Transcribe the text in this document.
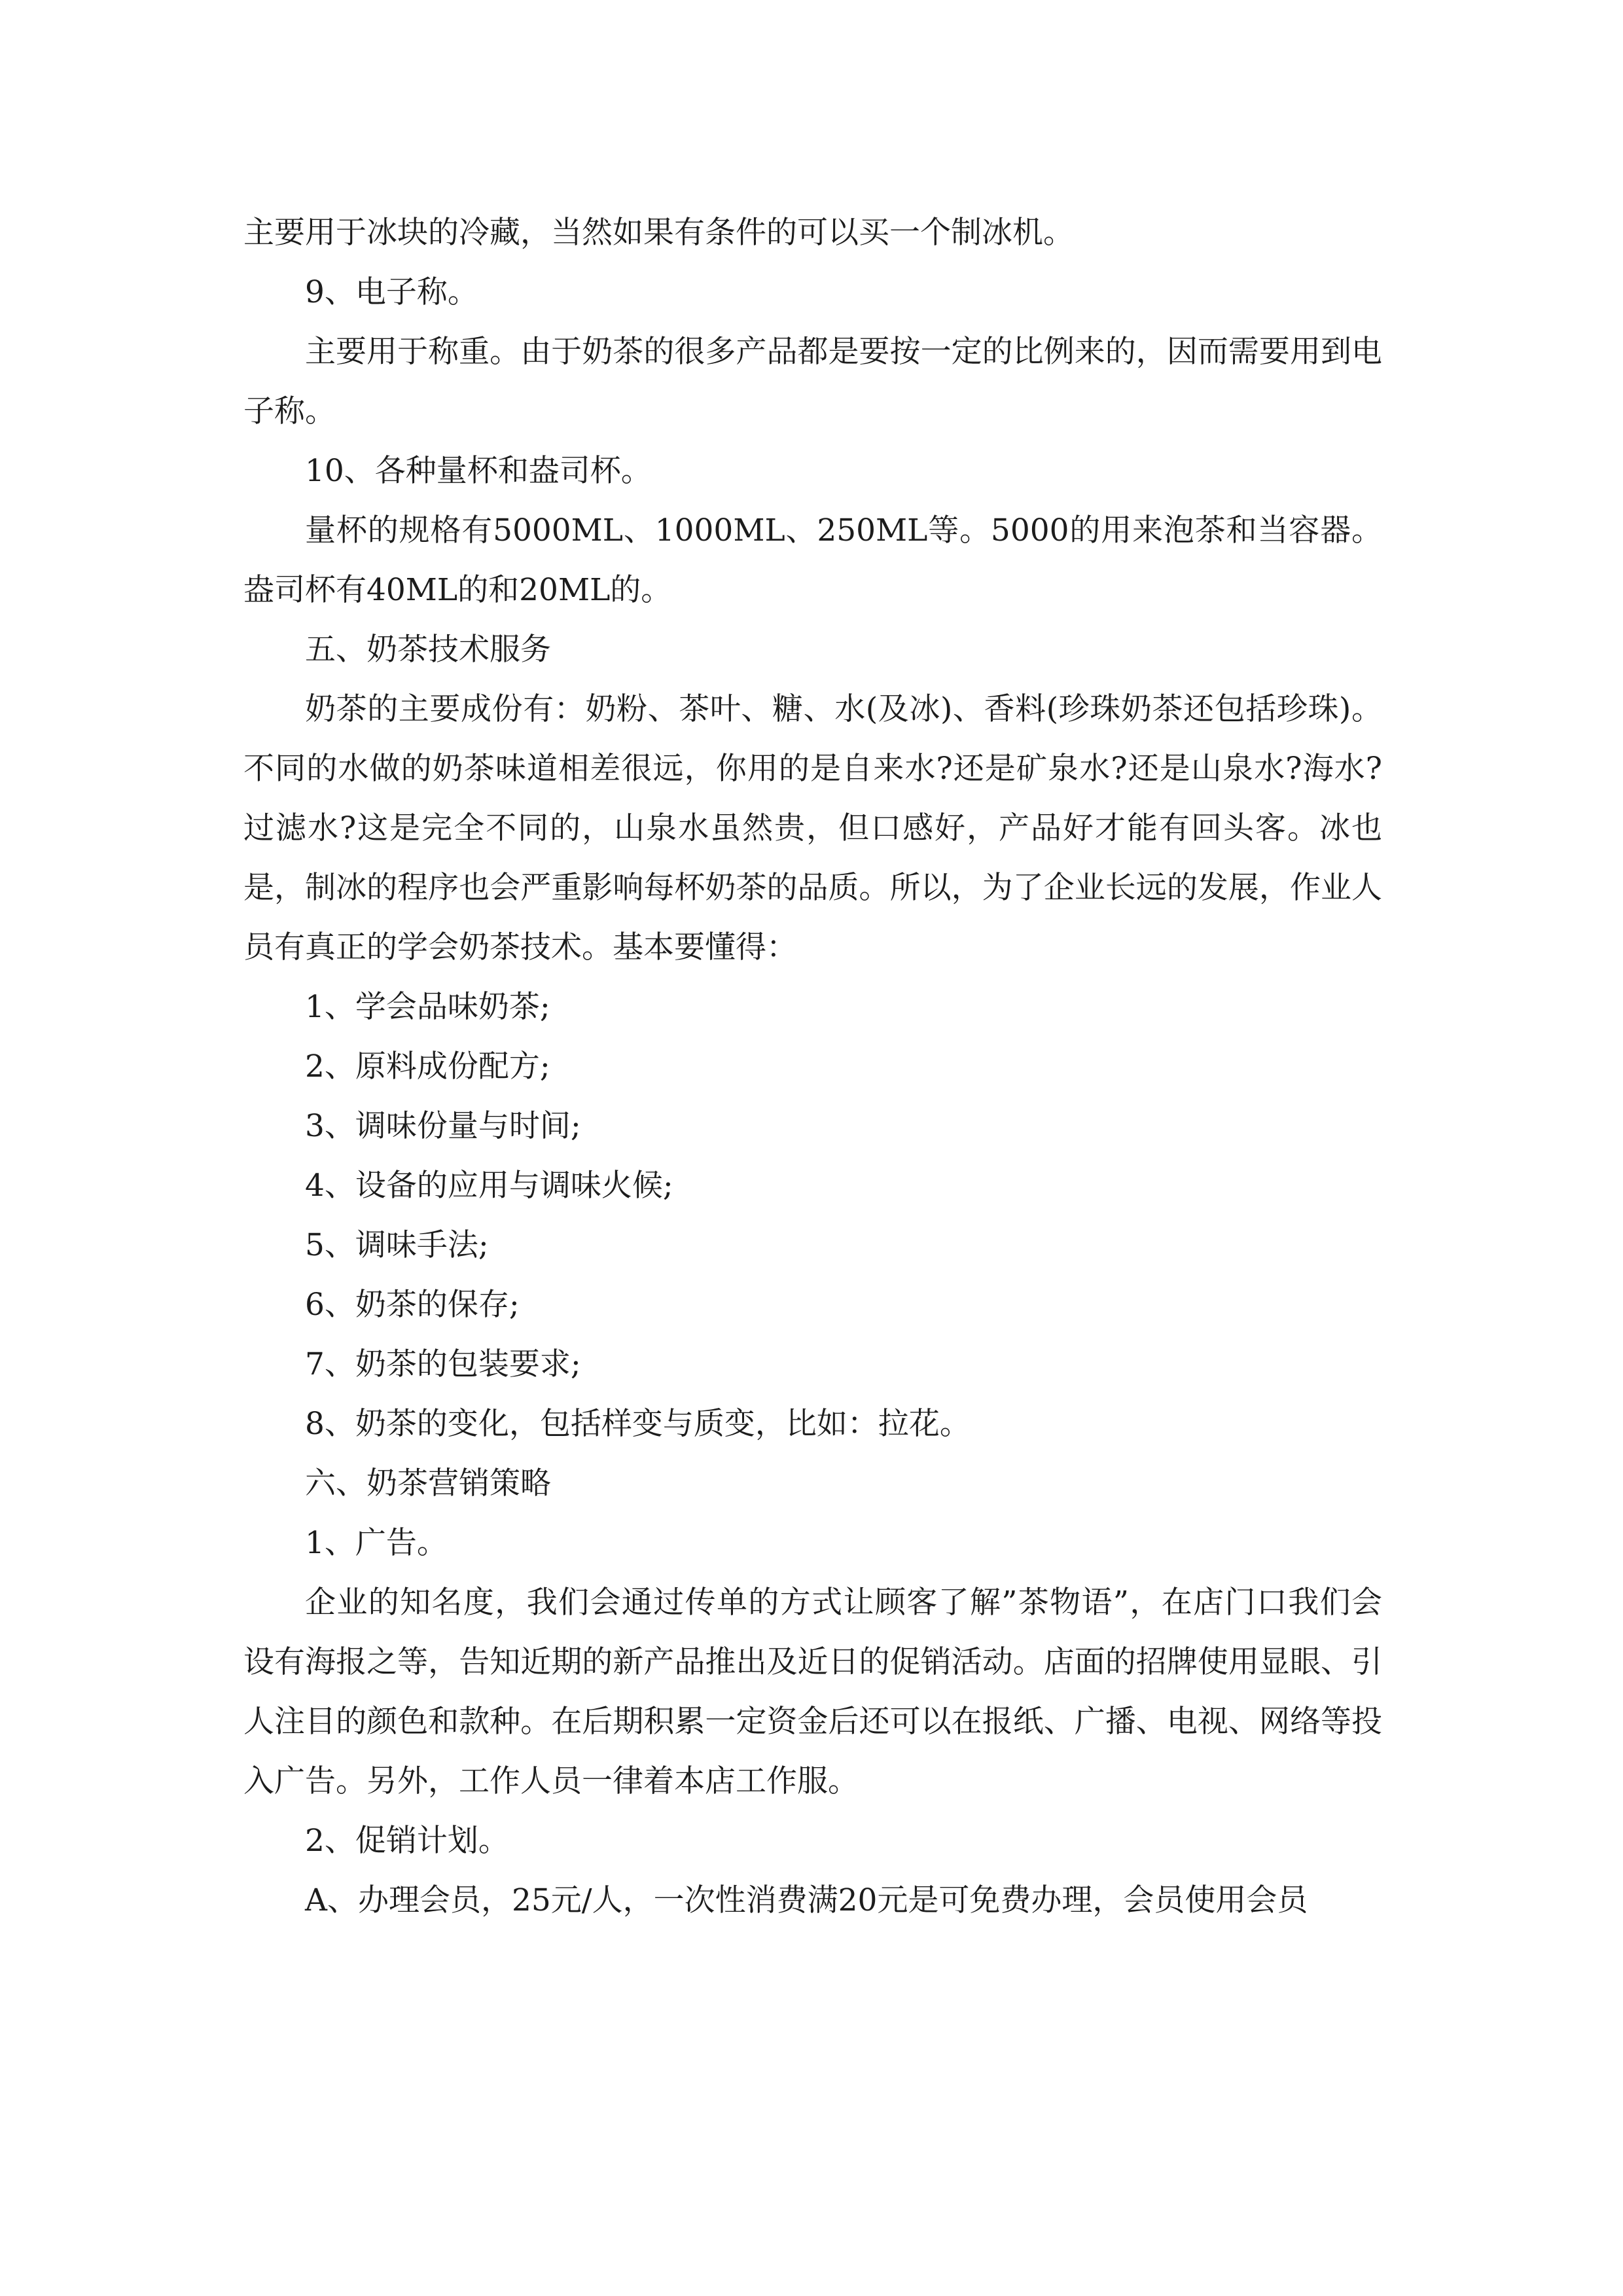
主要用于冰块的冷藏，当然如果有条件的可以买一个制冰机。

9、电子称。

主要用于称重。由于奶茶的很多产品都是要按一定的比例来的，因而需要用到电子称。

10、各种量杯和盎司杯。

量杯的规格有5000ML、1000ML、250ML等。5000的用来泡茶和当容器。盎司杯有40ML的和20ML的。

五、奶茶技术服务

奶茶的主要成份有：奶粉、茶叶、糖、水(及冰)、香料(珍珠奶茶还包括珍珠)。不同的水做的奶茶味道相差很远，你用的是自来水?还是矿泉水?还是山泉水?海水?过滤水?这是完全不同的，山泉水虽然贵，但口感好，产品好才能有回头客。冰也是，制冰的程序也会严重影响每杯奶茶的品质。所以，为了企业长远的发展，作业人员有真正的学会奶茶技术。基本要懂得：

1、学会品味奶茶;

2、原料成份配方;

3、调味份量与时间;

4、设备的应用与调味火候;

5、调味手法;

6、奶茶的保存;

7、奶茶的包装要求;

8、奶茶的变化，包括样变与质变，比如：拉花。

六、奶茶营销策略

1、广告。

企业的知名度，我们会通过传单的方式让顾客了解”茶物语”，在店门口我们会设有海报之等，告知近期的新产品推出及近日的促销活动。店面的招牌使用显眼、引人注目的颜色和款种。在后期积累一定资金后还可以在报纸、广播、电视、网络等投入广告。另外，工作人员一律着本店工作服。

2、促销计划。

A、办理会员，25元/人，一次性消费满20元是可免费办理，会员使用会员
